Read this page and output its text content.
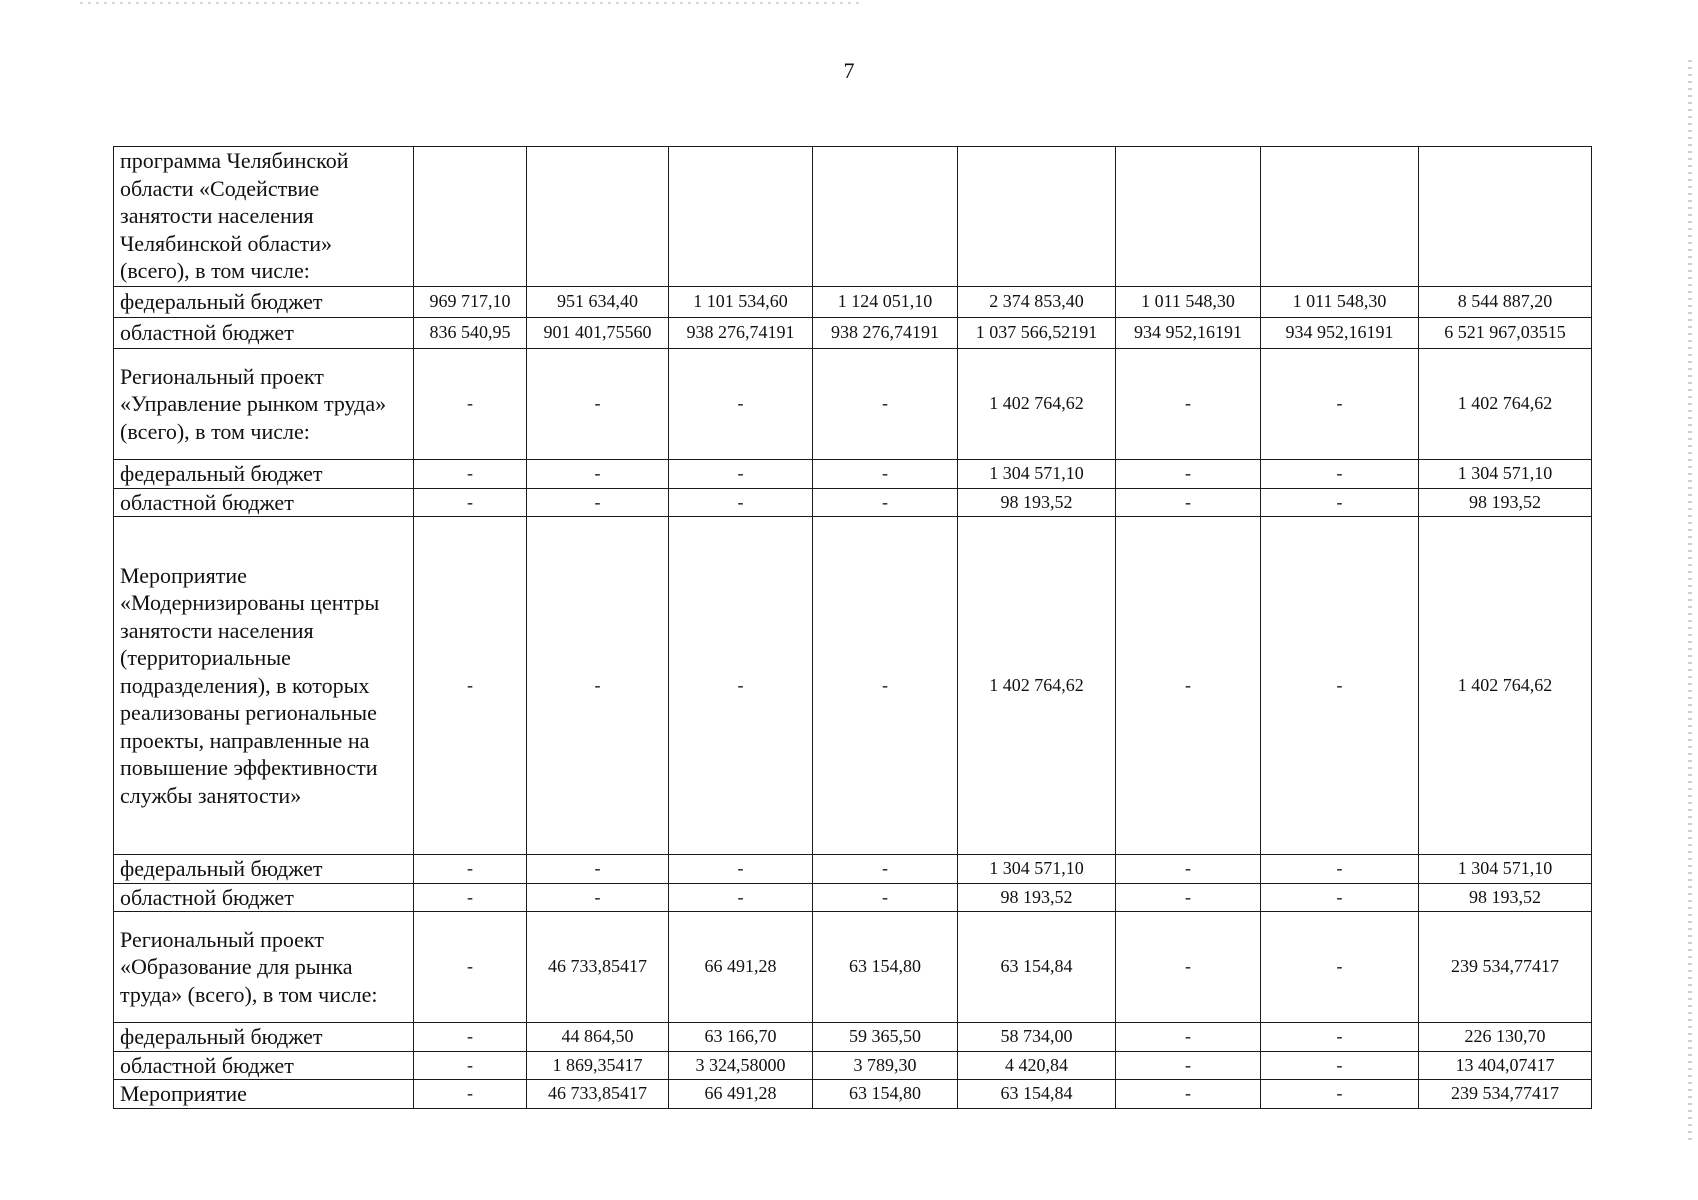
7
программа Челябинской области «Содействие занятости населения Челябинской области» (всего), в том числе:								
федеральный бюджет	969 717,10	951 634,40	1 101 534,60	1 124 051,10	2 374 853,40	1 011 548,30	1 011 548,30	8 544 887,20
областной бюджет	836 540,95	901 401,75560	938 276,74191	938 276,74191	1 037 566,52191	934 952,16191	934 952,16191	6 521 967,03515
Региональный проект «Управление рынком труда» (всего), в том числе:	-	-	-	-	1 402 764,62	-	-	1 402 764,62
федеральный бюджет	-	-	-	-	1 304 571,10	-	-	1 304 571,10
областной бюджет	-	-	-	-	98 193,52	-	-	98 193,52
Мероприятие «Модернизированы центры занятости населения (территориальные подразделения), в которых реализованы региональные проекты, направленные на повышение эффективности службы занятости»	-	-	-	-	1 402 764,62	-	-	1 402 764,62
федеральный бюджет	-	-	-	-	1 304 571,10	-	-	1 304 571,10
областной бюджет	-	-	-	-	98 193,52	-	-	98 193,52
Региональный проект «Образование для рынка труда» (всего), в том числе:	-	46 733,85417	66 491,28	63 154,80	63 154,84	-	-	239 534,77417
федеральный бюджет	-	44 864,50	63 166,70	59 365,50	58 734,00	-	-	226 130,70
областной бюджет	-	1 869,35417	3 324,58000	3 789,30	4 420,84	-	-	13 404,07417
Мероприятие	-	46 733,85417	66 491,28	63 154,80	63 154,84	-	-	239 534,77417
